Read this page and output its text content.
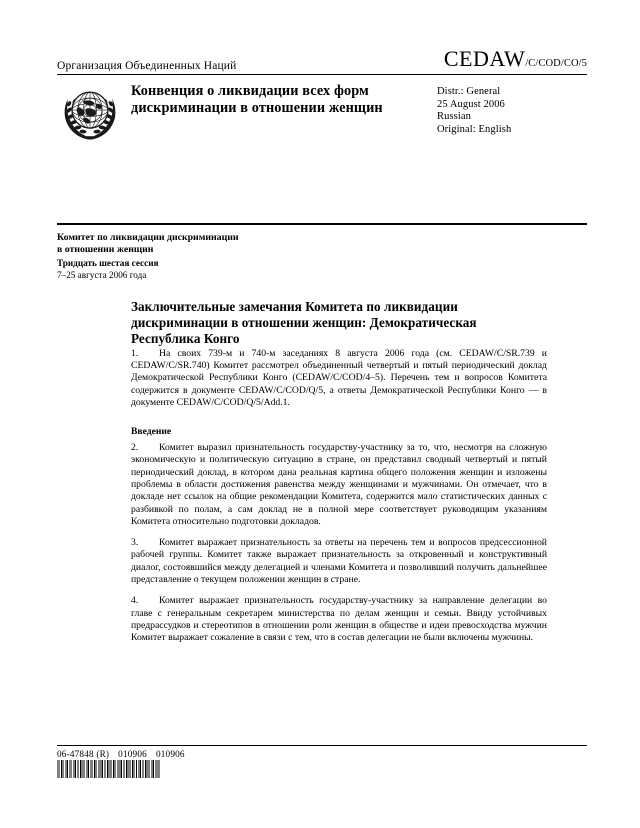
Организация Объединенных Наций	CEDAW /C/COD/CO/5
Конвенция о ликвидации всех форм дискриминации в отношении женщин
Distr.: General
25 August 2006
Russian
Original: English
Комитет по ликвидации дискриминации
в отношении женщин
Тридцать шестая сессия
7–25 августа 2006 года
Заключительные замечания Комитета по ликвидации дискриминации в отношении женщин: Демократическая Республика Конго

1. На своих 739-м и 740-м заседаниях 8 августа 2006 года (см. CEDAW/C/SR.739 и CEDAW/C/SR.740) Комитет рассмотрел объединенный четвертый и пятый периодический доклад Демократической Республики Конго (CEDAW/C/COD/4–5). Перечень тем и вопросов Комитета содержится в документе CEDAW/C/COD/Q/5, а ответы Демократической Республики Конго — в документе CEDAW/C/COD/Q/5/Add.1.

Введение

2. Комитет выразил признательность государству-участнику за то, что, несмотря на сложную экономическую и политическую ситуацию в стране, он представил сводный четвертый и пятый периодический доклад, в котором дана реальная картина общего положения женщин и изложены проблемы в области достижения равенства между женщинами и мужчинами. Он отмечает, что в докладе нет ссылок на общие рекомендации Комитета, содержится мало статистических данных с разбивкой по полам, а сам доклад не в полной мере соответствует руководящим указаниям Комитета относительно подготовки докладов.

3. Комитет выражает признательность за ответы на перечень тем и вопросов предсессионной рабочей группы. Комитет также выражает признательность за откровенный и конструктивный диалог, состоявшийся между делегацией и членами Комитета и позволивший получить дальнейшее представление о текущем положении женщин в стране.

4. Комитет выражает признательность государству-участнику за направление делегации во главе с генеральным секретарем министерства по делам женщин и семьи. Ввиду устойчивых предрассудков и стереотипов в отношении роли женщин в обществе и идеи превосходства мужчин Комитет выражает сожаление в связи с тем, что в состав делегации не были включены мужчины.

06-47848 (R) 010906 010906
